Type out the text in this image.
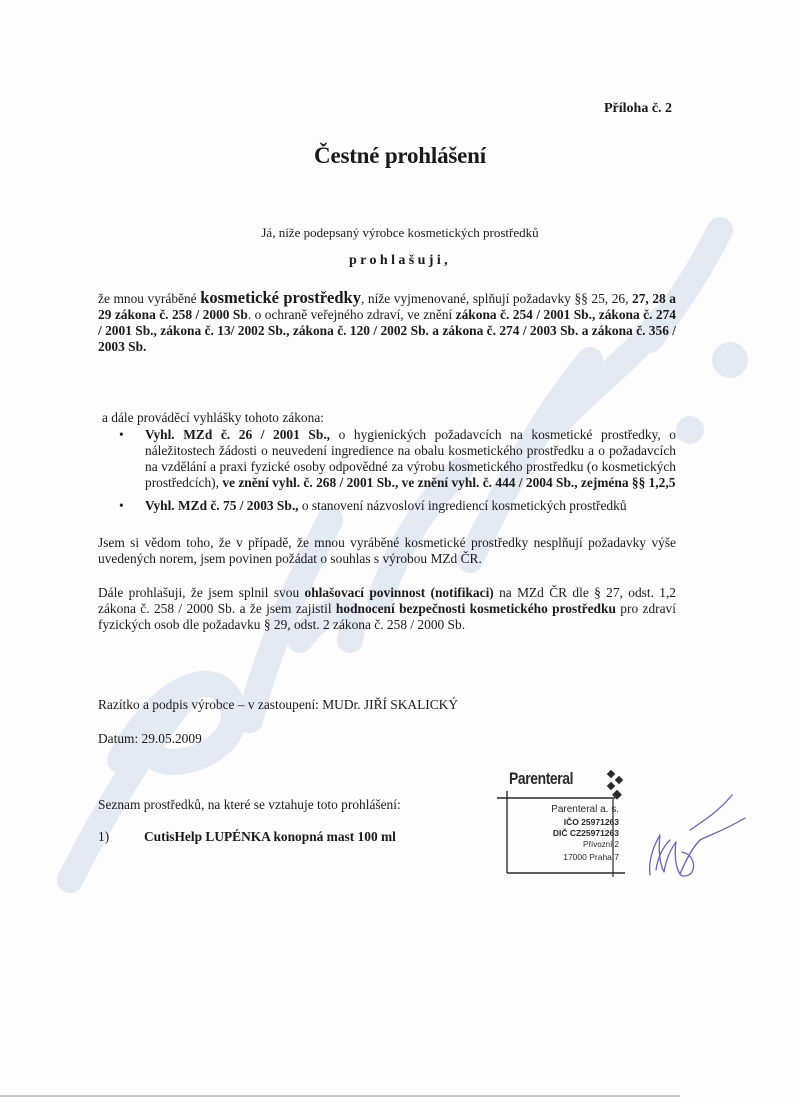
Příloha č. 2
Čestné prohlášení
Já, níže podepsaný výrobce kosmetických prostředků
prohlašuji,
že mnou vyráběné kosmetické prostředky, níže vyjmenované, splňují požadavky §§ 25, 26, 27, 28 a 29 zákona č. 258 / 2000 Sb. o ochraně veřejného zdraví, ve znění zákona č. 254 / 2001 Sb., zákona č. 274 / 2001 Sb., zákona č. 13/ 2002 Sb., zákona č. 120 / 2002 Sb. a zákona č. 274 / 2003 Sb. a zákona č. 356 / 2003 Sb.
a dále prováděcí vyhlášky tohoto zákona:
• Vyhl. MZd č. 26 / 2001 Sb., o hygienických požadavcích na kosmetické prostředky, o náležitostech žádosti o neuvedení ingredience na obalu kosmetického prostředku a o požadavcích na vzdělání a praxi fyzické osoby odpovědné za výrobu kosmetického prostředku (o kosmetických prostředcích), ve znění vyhl. č. 268 / 2001 Sb., ve znění vyhl. č. 444 / 2004 Sb., zejména §§ 1,2,5
• Vyhl. MZd č. 75 / 2003 Sb., o stanovení názvosloví ingrediencí kosmetických prostředků
Jsem si vědom toho, že v případě, že mnou vyráběné kosmetické prostředky nesplňují požadavky výše uvedených norem, jsem povinen požádat o souhlas s výrobou MZd ČR.
Dále prohlašuji, že jsem splnil svou ohlašovací povinnost (notifikaci) na MZd ČR dle § 27, odst. 1,2 zákona č. 258 / 2000 Sb. a že jsem zajistil hodnocení bezpečnosti kosmetického prostředku pro zdraví fyzických osob dle požadavku § 29, odst. 2 zákona č. 258 / 2000 Sb.
Razítko a podpis výrobce – v zastoupení: MUDr. JIŘÍ SKALICKÝ
Datum: 29.05.2009
Seznam prostředků, na které se vztahuje toto prohlášení:
1)	CutisHelp LUPÉNKA konopná mast 100 ml
Parenteral
Parenteral a. s.
IČO 25971263
DIČ CZ25971263
Přívozní 2
17000 Praha 7
